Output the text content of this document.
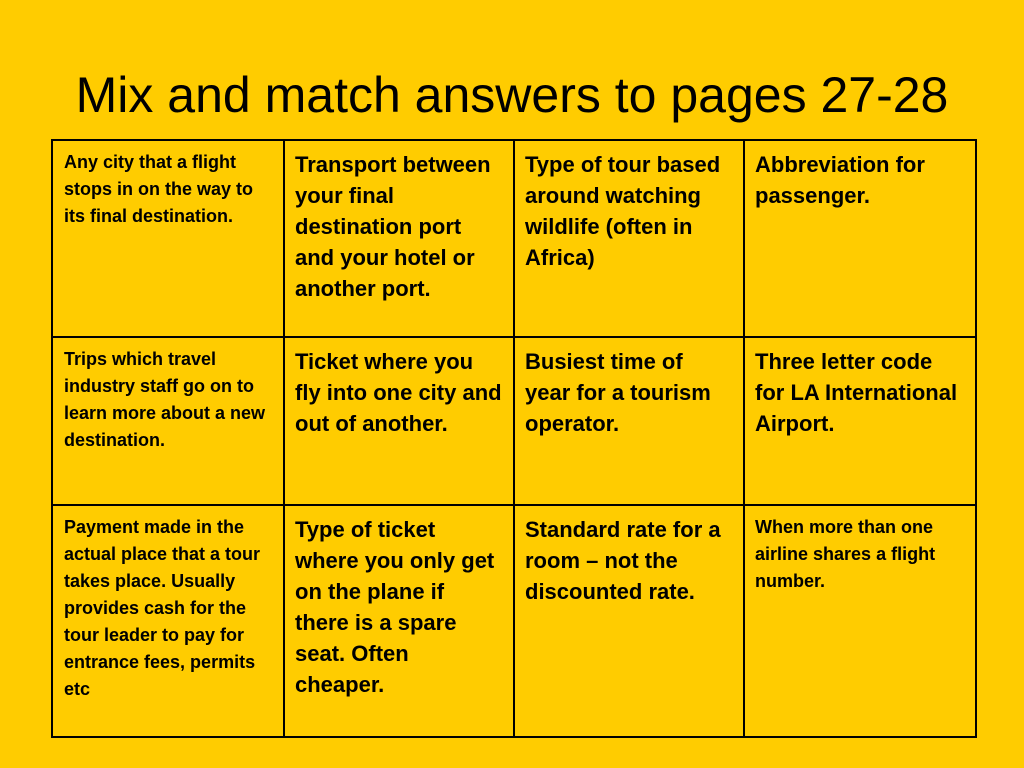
Mix and match answers to pages 27-28
Any city that a flight stops in on the way to its final destination.	Transport between your final destination port and your hotel or another port.	Type of tour based around watching wildlife (often in Africa)	Abbreviation for passenger.
Trips which travel industry staff go on to learn more about a new destination.	Ticket where you fly into one city and out of another.	Busiest time of year for a tourism operator.	Three letter code for LA International Airport.
Payment made in the actual place that a tour takes place. Usually provides cash for the tour leader to pay for entrance fees, permits etc	Type of ticket where you only get on the plane if there is a spare seat. Often cheaper.	Standard rate for a room – not the discounted rate.	When more than one airline shares a flight number.
